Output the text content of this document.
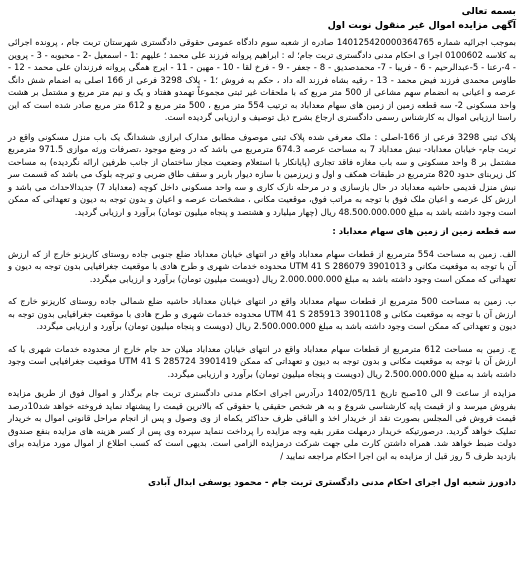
بسمه تعالی
آگهی مزایده اموال غیر منقول نوبت اول

بموجب اجرائیه شماره 140125420000364765 صادره از شعبه سوم دادگاه عمومی حقوقی دادگستری شهرستان تربت جام ، پرونده اجرائی به کلاسه 0100602 اجرا ی احکام مدنی دادگستری تربت جام؛ له : ابراهیم پروانه فرزند علی محمد ؛ علیهم :1 - اسمعیل -2 - محبوبه - 3 - پروین - 4-رعنا - 5-عبدالرحیم - 6 - فریبا - 7- محمدصدیق - 8 - جعفر - 9 - فرخ لقا - 10 - مهین - 11 - ایرج همگی پروانه فرزندان علی محمد - 12 - طاوس محمدی فرزند فیض محمد - 13 - رقیه بشاه فرزند اله داد ، حکم به فروش ؛1 - پلاک 3298 فرعی از 166 اصلی به اضمام شش دانگ عرصه و اعیانی به انضمام سهم مشاعی از 500 متر مربع که با ملحقات غیر ثبتی مجموعاً تهمدو هفتاد و یک و نیم متر مربع و مشتمل بر هشت واحد مسکونی 2- سه قطعه زمین از زمین های سهام معداباد به ترتیب 554 متر مربع ، 500 متر مربع و 612 متر مربع صادر شده است که این راستا ارزیابی اموال به کارشناس رسمی دادگستری ارجاع بشرح ذیل توصیف و ارزیابی گردیده است.

پلاک ثبتی 3298 فرعی از 166-اصلی : ملک معرفی شده پلاک ثبتی موصوف مطابق مدارک ابرازی ششدانگ یک باب منزل مسکونی واقع در تربت جام- خیابان معداباد- نبش معداباد 7 به مساحت عرصه 674.3 مترمربع می باشد که در وضع موجود ،تصرفات ورثه موازی 971.5 مترمربع مشتمل بر 8 واحد مسکونی و سه باب مغازه فاقد تجاری (پایانکار با استعلام وضعیت مجاز ساختمان از جانب ظرفین ارائه نگردیده) به مساحت کل زیربنای حدود 820 مترمربع در طبقات همکف و اول و زیرزمین با سازه دیوار باربر و سقف طاق ضربی و تیرچه بلوک می باشد که قسمت سر نبش منزل قدیمی حاشیه معداباد در حال بازسازی و در مرحله نازک کاری و سه واحد مسکونی داخل کوچه (معداباد 7) جدیدالاحداث می باشد و ارزش کل عرصه و اعیان ملک فوق با توجه به مراتب فوق، موقعیت مکانی ، مشخصات عرصه و اعیان و بدون توجه به دیون و تعهداتی که ممکن است وجود داشته باشد به مبلغ 48.500.000.000 ریال (چهار میلیارد و هشتصد و پنجاه میلیون تومان) برآورد و ارزیابی گردید.

سه قطعه زمین از زمین های سهام معداباد :

الف. زمین به مساحت 554 مترمربع از قطعات سهام معداباد واقع در انتهای خیابان معداباد ضلع جنوبی جاده روستای کاریزنو خارج از که ارزش آن با توجه به موقعیت مکانی و 3901013 UTM 41 S 286079 محدوده خدمات شهری و طرح هادی با موقعیت جغرافیایی بدون توجه به دیون و تعهداتی که ممکن است وجود داشته باشد به مبلغ 2.000.000.000 ریال (دویست میلیون تومان) برآورد و ارزیابی میگردد.

ب. زمین به مساحت 500 مترمربع از قطعات سهام معداباد واقع در انتهای خیابان معداباد حاشیه ضلع شمالی جاده روستای کاریزنو خارج که ارزش آن با توجه به موقعیت مکانی و 3901108 UTM 41 S 285913 محدوده خدمات شهری و طرح هادی با موقعیت جغرافیایی بدون توجه به دیون و تعهداتی که ممکن است وجود داشته باشد به مبلغ 2.500.000.000 ریال (دویست و پنجاه میلیون تومان) برآورد و ارزیابی میگردد.

ج. زمین به مساحت 612 مترمربع از قطعات سهام معداباد واقع در انتهای خیابان معداباد میلان حد جام خارج از محدوده خدمات شهری با که ارزش آن با توجه به موقعیت مکانی و بدون توجه به دیون و تعهداتی که ممکن 3901419 UTM 41 S 285724 موقعیت جغرافیایی است وجود داشته باشد به مبلغ 2.500.000.000 ریال (دویست و پنجاه میلیون تومان) برآورد و ارزیابی میگردد.

مزایده از ساعت 9 الی 10صبح تاریخ 1402/05/11 درآدرس اجرای احکام مدنی دادگستری تربت جام برگذار و اموال فوق از طریق مزایده بفروش میرسد و از قیمت پایه کارشناسی شروع و به هر شخص حقیقی یا حقوقی که بالاترین قیمت را پیشنهاد نماید فروخته خواهد شد10درصد قیمت فروش فی المجلس بصورت نقد از خریدار اخذ و الباقی ظرف حداکثر یکماه از وی وصول و پس از انجام مراحل قانونی اموال به خریدار تملیک خواهد گردید. درصورتیکه خریدار درمهلت مقرر بقیه وجه مزایده را پرداخت ننماید سپرده وی پس از کسر هزینه های مزایده بنفع صندوق دولت ضبط خواهد شد. همراه داشتن کارت ملی جهت شرکت درمزایده الزامی است. بدیهی است که کسب اطلاع از اموال مورد مزایده برای بازدید ظرف 5 روز قبل از مزایده به این اجرا احکام مراجعه نمایید /

دادورز شعبه اول اجرای احکام مدنی دادگستری تربت جام - محمود یوسفی ابدال آبادی
